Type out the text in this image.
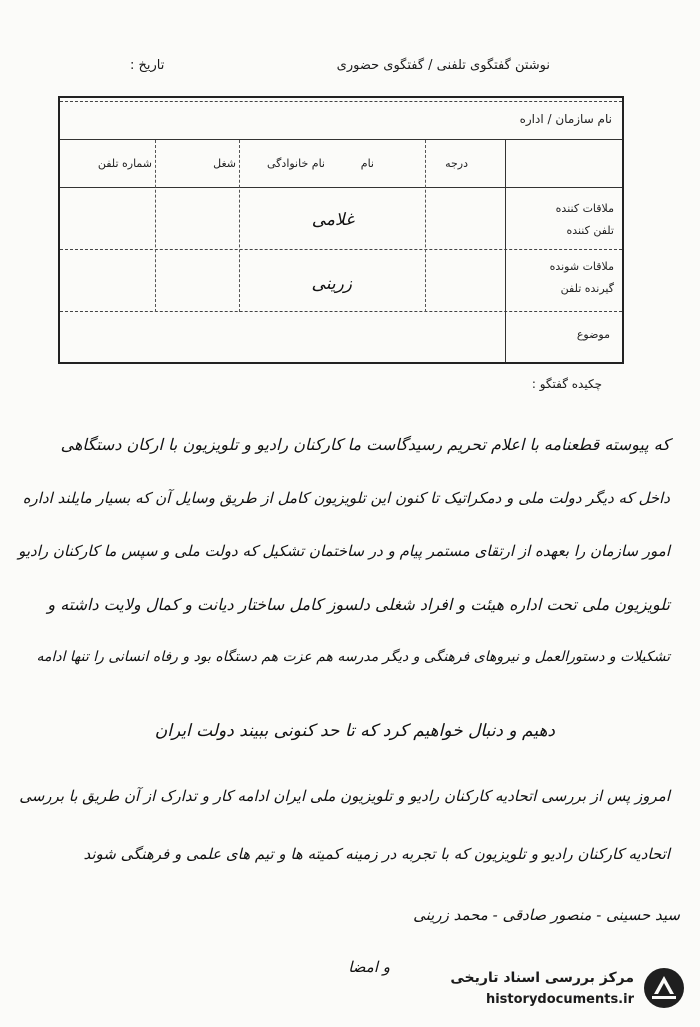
نوشتن گفتگوی تلفنی / گفتگوی حضوری
تاریخ :
نام سازمان / اداره
درجه
نام
نام خانوادگی
شغل
شماره تلفن
ملاقات کننده
تلفن کننده
غلامی
ملاقات شونده
گیرنده تلفن
زرینی
موضوع
چکیده گفتگو :
که پیوسته قطعنامه با اعلام تحریم رسیدگاست ما کارکنان رادیو و تلویزیون با ارکان دستگاهی
داخل که دیگر دولت ملی و دمکراتیک تا کنون این تلویزیون کامل از طریق وسایل آن که بسیار مایلند اداره
امور سازمان را بعهده از ارتقای مستمر پیام و در ساختمان تشکیل که دولت ملی و سپس ما کارکنان رادیو
تلویزیون ملی تحت اداره هیئت و افراد شغلی دلسوز کامل ساختار دیانت و کمال ولایت داشته و
تشکیلات و دستورالعمل و نیروهای فرهنگی و دیگر مدرسه هم عزت هم دستگاه بود و رفاه انسانی را تنها ادامه
دهیم و دنبال خواهیم کرد که تا حد کنونی ببیند دولت ایران
امروز پس از بررسی اتحادیه کارکنان رادیو و تلویزیون ملی ایران ادامه کار و تدارک از آن طریق با بررسی
اتحادیه کارکنان رادیو و تلویزیون که با تجربه در زمینه کمیته ها و تیم های علمی و فرهنگی شوند
سید حسینی - منصور صادقی - محمد زرینی
و امضا
مرکز بررسی اسناد تاریخی
historydocuments.ir
